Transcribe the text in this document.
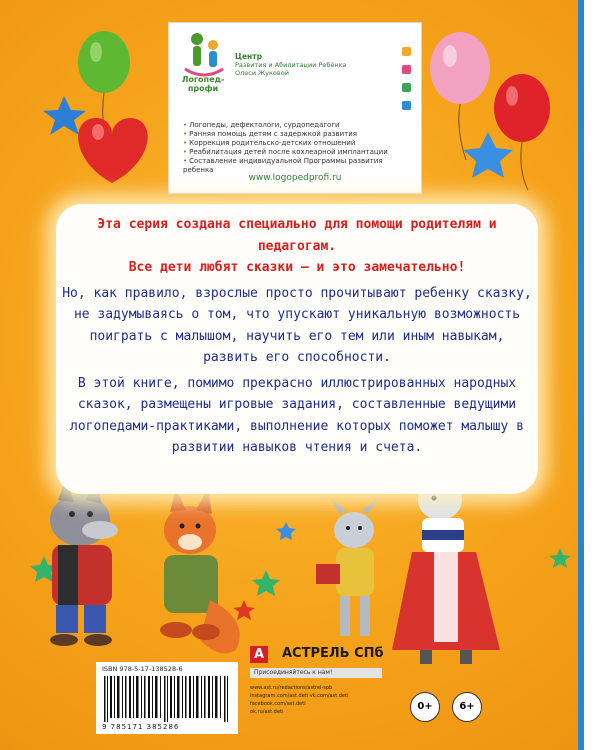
Логопед-профи
Центр
Развития и Абилитации Ребёнка
Олеси Жуковой
• Логопеды, дефектологи, сурдопедагоги
• Ранняя помощь детям с задержкой развития
• Коррекция родительско-детских отношений
• Реабилитация детей после кохлеарной имплантации
• Составление индивидуальной Программы развития ребенка
www.logopedprofi.ru

Эта серия создана специально для помощи родителям и педагогам.

Все дети любят сказки — и это замечательно!

Но, как правило, взрослые просто прочитывают ребенку сказку, не задумываясь о том, что упускают уникальную возможность поиграть с малышом, научить его тем или иным навыкам, развить его способности.

В этой книге, помимо прекрасно иллюстрированных народных сказок, размещены игровые задания, составленные ведущими логопедами-практиками, выполнение которых поможет малышу в развитии навыков чтения и счета.

ISBN 978-5-17-138528-6
9 785171 385286
А	АСТРЕЛЬ СПб
Присоединяйтесь к нам!
www.ast.ru/redactions/astrel-spb
instagram.com/ast.deti vk.com/ast.deti
facebook.com/ast.deti
ok.ru/ast.deti	0+	6+
